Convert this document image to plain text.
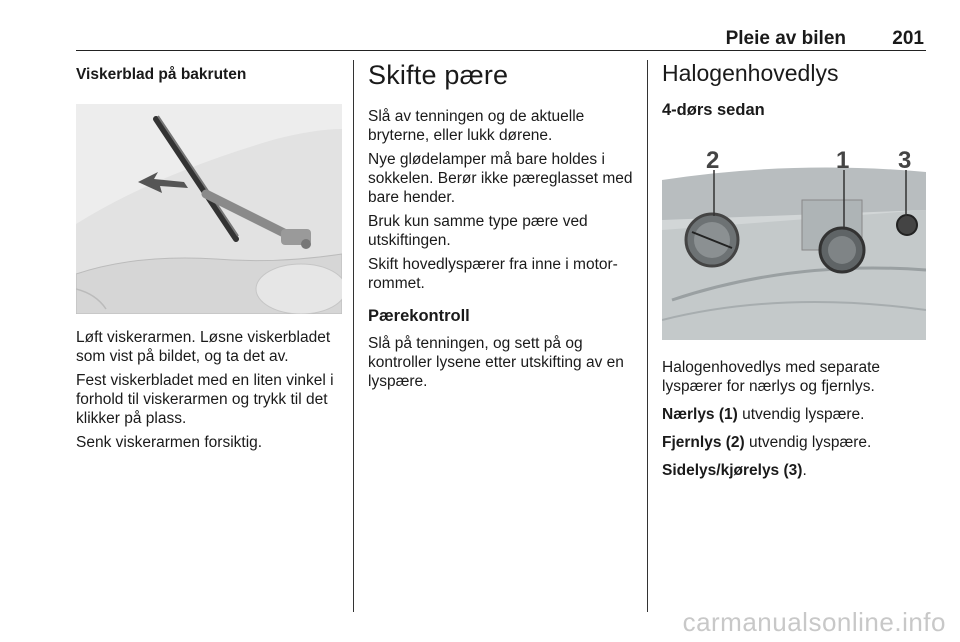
Pleie av bilen 201
Viskerblad på bakruten

Løft viskerarmen. Løsne viskerbladet som vist på bildet, og ta det av.

Fest viskerbladet med en liten vinkel i forhold til viskerarmen og trykk til det klikker på plass.

Senk viskerarmen forsiktig.

Skifte pære

Slå av tenningen og de aktuelle bryterne, eller lukk dørene.

Nye glødelamper må bare holdes i sokkelen. Berør ikke pæreglasset med bare hender.

Bruk kun samme type pære ved utskiftingen.

Skift hovedlyspærer fra inne i motor-rommet.

Pærekontroll

Slå på tenningen, og sett på og kontroller lysene etter utskifting av en lyspære.

Halogenhovedlys
4-dørs sedan
2	1 3

Halogenhovedlys med separate lyspærer for nærlys og fjernlys.

Nærlys (1) utvendig lyspære.

Fjernlys (2) utvendig lyspære.

Sidelys/kjørelys (3).

carmanualsonline.info
